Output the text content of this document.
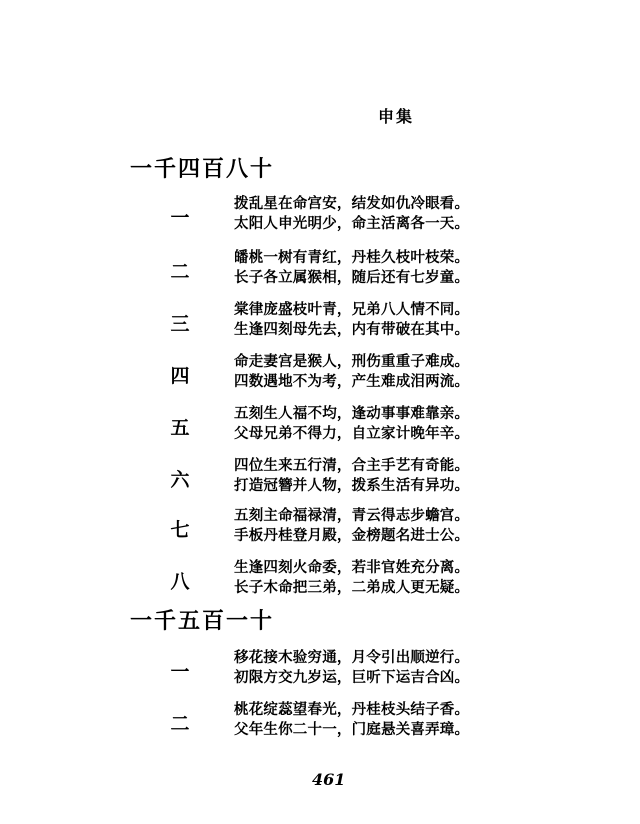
申集
一千四百八十
一
拨乱星在命宫安，结发如仇冷眼看。
太阳人申光明少，命主活离各一天。
二
皤桃一树有青红，丹桂久枝叶枝荣。
长子各立属猴相，随后还有七岁童。
三
棠律庞盛枝叶青，兄弟八人情不同。
生逢四刻母先去，内有带破在其中。
四
命走妻宫是猴人，刑伤重重子难成。
四数遇地不为考，产生难成泪两流。
五
五刻生人福不均，逢动事事难靠亲。
父母兄弟不得力，自立家计晚年辛。
六
四位生来五行清，合主手艺有奇能。
打造冠簪并人物，拨系生活有异功。
七
五刻主命福禄清，青云得志步蟾宫。
手板丹桂登月殿，金榜题名进士公。
八
生逢四刻火命委，若非官姓充分离。
长子木命把三弟，二弟成人更无疑。
一千五百一十
一
移花接木验穷通，月令引出顺逆行。
初限方交九岁运，巨听下运吉合凶。
二
桃花绽蕊望春光，丹桂枝头结子香。
父年生你二十一，门庭悬关喜弄璋。
461
